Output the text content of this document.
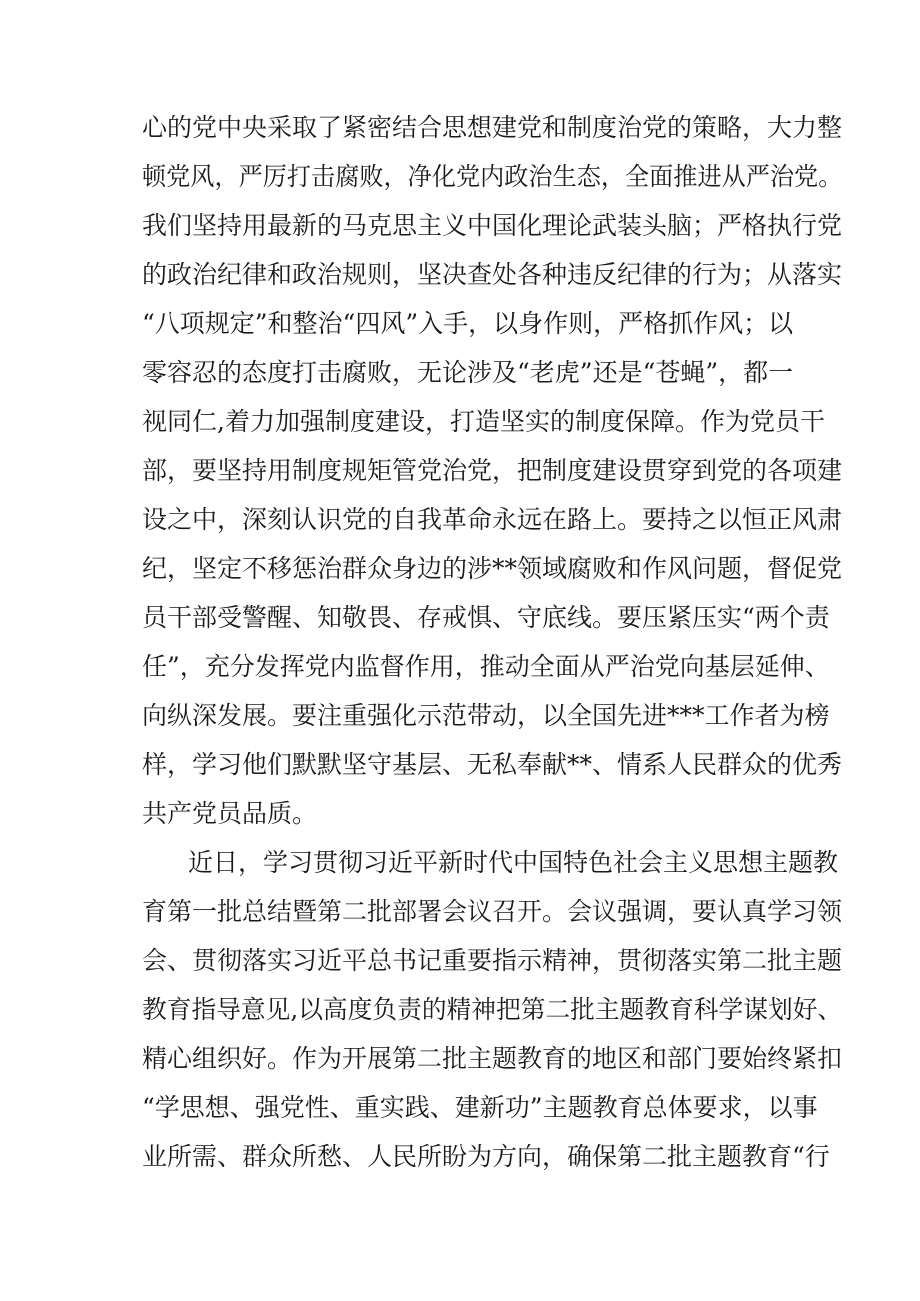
心的党中央采取了紧密结合思想建党和制度治党的策略，大力整
顿党风，严厉打击腐败，净化党内政治生态，全面推进从严治党。
我们坚持用最新的马克思主义中国化理论武装头脑；严格执行党
的政治纪律和政治规则，坚决查处各种违反纪律的行为；从落实
“八项规定”和整治“四风”入手，以身作则，严格抓作风；以
零容忍的态度打击腐败，无论涉及“老虎”还是“苍蝇”，都一
视同仁,着力加强制度建设，打造坚实的制度保障。作为党员干
部，要坚持用制度规矩管党治党，把制度建设贯穿到党的各项建
设之中，深刻认识党的自我革命永远在路上。要持之以恒正风肃
纪，坚定不移惩治群众身边的涉**领域腐败和作风问题，督促党
员干部受警醒、知敬畏、存戒惧、守底线。要压紧压实“两个责
任”，充分发挥党内监督作用，推动全面从严治党向基层延伸、
向纵深发展。要注重强化示范带动，以全国先进***工作者为榜
样，学习他们默默坚守基层、无私奉献**、情系人民群众的优秀
共产党员品质。
近日，学习贯彻习近平新时代中国特色社会主义思想主题教
育第一批总结暨第二批部署会议召开。会议强调，要认真学习领
会、贯彻落实习近平总书记重要指示精神，贯彻落实第二批主题
教育指导意见,以高度负责的精神把第二批主题教育科学谋划好、
精心组织好。作为开展第二批主题教育的地区和部门要始终紧扣
“学思想、强党性、重实践、建新功”主题教育总体要求，以事
业所需、群众所愁、人民所盼为方向，确保第二批主题教育“行
